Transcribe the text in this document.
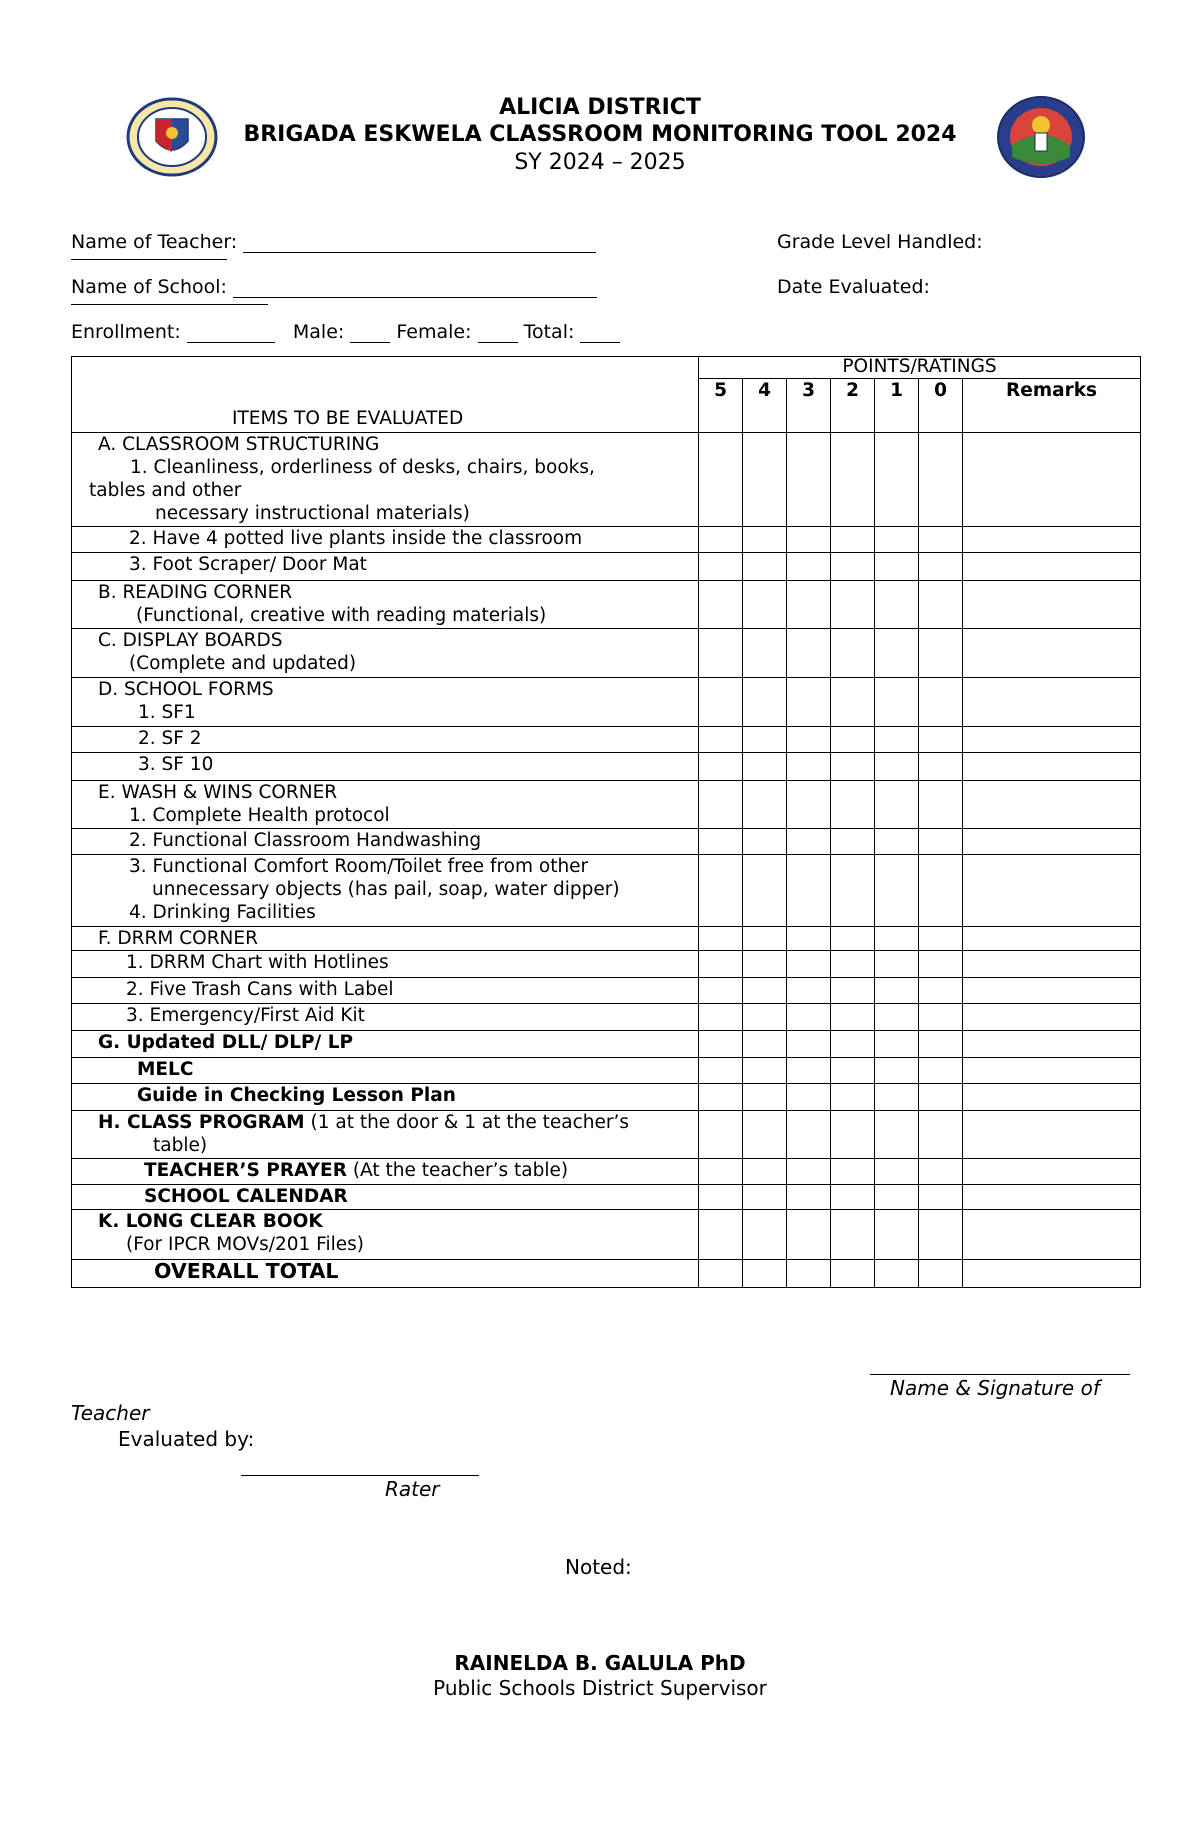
ALICIA DISTRICT
BRIGADA ESKWELA CLASSROOM MONITORING TOOL 2024
SY 2024 – 2025
Name of Teacher:	Grade Level Handled:
Name of School:	Date Evaluated:
Enrollment:	Male:	Female:	Total:
ITEMS TO BE EVALUATED	POINTS/RATINGS						
	5	4	3	2	1	0	Remarks

A. CLASSROOM STRUCTURING
1. Cleanliness, orderliness of desks, chairs, books,
tables and other
necessary instructional materials)							

2. Have 4 potted live plants inside the classroom							

3. Foot Scraper/ Door Mat							

B. READING CORNER
(Functional, creative with reading materials)							

C. DISPLAY BOARDS
(Complete and updated)							

D. SCHOOL FORMS
1. SF1							

2. SF 2							

3. SF 10							

E. WASH & WINS CORNER
1. Complete Health protocol							

2. Functional Classroom Handwashing							

3. Functional Comfort Room/Toilet free from other
unnecessary objects (has pail, soap, water dipper)
4. Drinking Facilities							

F. DRRM CORNER							

1. DRRM Chart with Hotlines							

2. Five Trash Cans with Label							

3. Emergency/First Aid Kit							

G. Updated DLL/ DLP/ LP							

MELC							

Guide in Checking Lesson Plan							

H. CLASS PROGRAM (1 at the door & 1 at the teacher’s
table)							

TEACHER’S PRAYER (At the teacher’s table)							

SCHOOL CALENDAR							

K. LONG CLEAR BOOK
(For IPCR MOVs/201 Files)							

OVERALL TOTAL							

Name & Signature of
Teacher
Evaluated by:
Rater
Noted:
RAINELDA B. GALULA PhD
Public Schools District Supervisor
